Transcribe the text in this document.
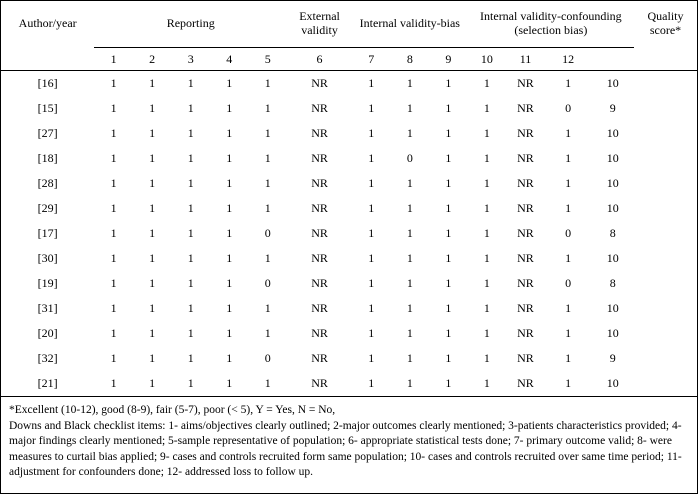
Author/year	Reporting					External validity	Internal validity-bias			Internal validity-confounding (selection bias)				Quality score*
	1	2	3	4	5	6	7	8	9	10	11	12		
[16]	1	1	1	1	1	NR	1	1	1	1	NR	1	10	
[15]	1	1	1	1	1	NR	1	1	1	1	NR	0	9	
[27]	1	1	1	1	1	NR	1	1	1	1	NR	1	10	
[18]	1	1	1	1	1	NR	1	0	1	1	NR	1	10	
[28]	1	1	1	1	1	NR	1	1	1	1	NR	1	10	
[29]	1	1	1	1	1	NR	1	1	1	1	NR	1	10	
[17]	1	1	1	1	0	NR	1	1	1	1	NR	0	8	
[30]	1	1	1	1	1	NR	1	1	1	1	NR	1	10	
[19]	1	1	1	1	0	NR	1	1	1	1	NR	0	8	
[31]	1	1	1	1	1	NR	1	1	1	1	NR	1	10	
[20]	1	1	1	1	1	NR	1	1	1	1	NR	1	10	
[32]	1	1	1	1	0	NR	1	1	1	1	NR	1	9	
[21]	1	1	1	1	1	NR	1	1	1	1	NR	1	10	

*Excellent (10-12), good (8-9), fair (5-7), poor (< 5), Y = Yes, N = No,

Downs and Black checklist items: 1- aims/objectives clearly outlined; 2-major outcomes clearly mentioned; 3-patients characteristics provided; 4-major findings clearly mentioned; 5-sample representative of population; 6- appropriate statistical tests done; 7- primary outcome valid; 8- were measures to curtail bias applied; 9- cases and controls recruited form same population; 10- cases and controls recruited over same time period; 11- adjustment for confounders done; 12- addressed loss to follow up.
